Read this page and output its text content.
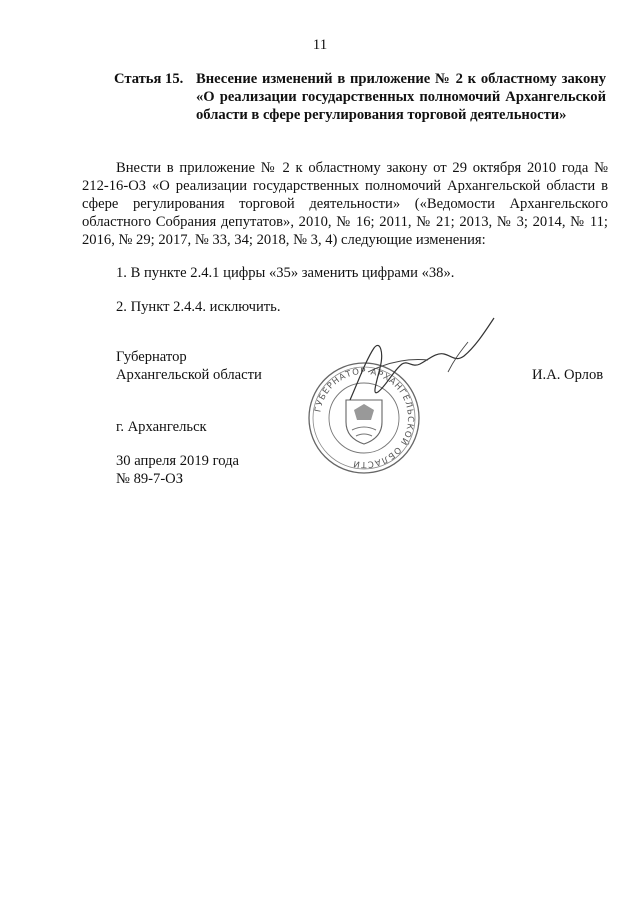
11
Статья 15. Внесение изменений в приложение № 2 к областному закону «О реализации государственных полномочий Архангельской области в сфере регулирования торговой деятельности»
Внести в приложение № 2 к областному закону от 29 октября 2010 года № 212-16-ОЗ «О реализации государственных полномочий Архангельской области в сфере регулирования торговой деятельности» («Ведомости Архангельского областного Собрания депутатов», 2010, № 16; 2011, № 21; 2013, № 3; 2014, № 11; 2016, № 29; 2017, № 33, 34; 2018, № 3, 4) следующие изменения:
1. В пункте 2.4.1 цифры «35» заменить цифрами «38».
2. Пункт 2.4.4. исключить.
Губернатор
Архангельской области	И.А. Орлов
ГУБЕРНАТОР АРХАНГЕЛЬСКОЙ ОБЛАСТИ
г. Архангельск
30 апреля 2019 года
№ 89-7-ОЗ
